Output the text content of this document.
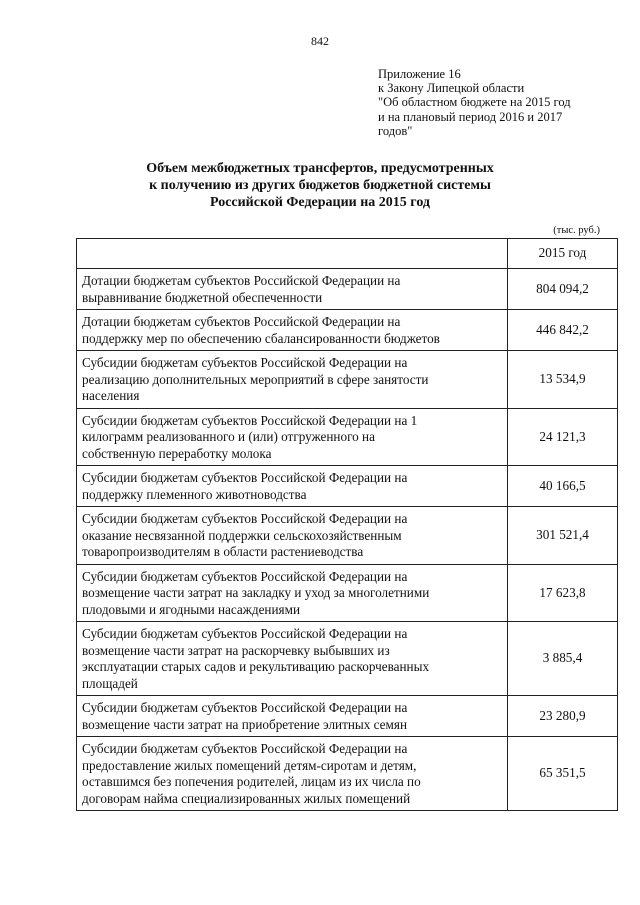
842
Приложение 16
к Закону Липецкой области
"Об областном бюджете на 2015 год
и на плановый период 2016 и 2017
годов"
Объем межбюджетных трансфертов, предусмотренных
к получению из других бюджетов бюджетной системы
Российской Федерации на 2015 год
(тыс. руб.)
	2015 год

Дотации бюджетам субъектов Российской Федерации на
выравнивание бюджетной обеспеченности	804 094,2

Дотации бюджетам субъектов Российской Федерации на
поддержку мер по обеспечению сбалансированности бюджетов	446 842,2

Субсидии бюджетам субъектов Российской Федерации на
реализацию дополнительных мероприятий в сфере занятости
населения	13 534,9

Субсидии бюджетам субъектов Российской Федерации на 1
килограмм реализованного и (или) отгруженного на
собственную переработку молока	24 121,3

Субсидии бюджетам субъектов Российской Федерации на
поддержку племенного животноводства	40 166,5

Субсидии бюджетам субъектов Российской Федерации на
оказание несвязанной поддержки сельскохозяйственным
товаропроизводителям в области растениеводства	301 521,4

Субсидии бюджетам субъектов Российской Федерации на
возмещение части затрат на закладку и уход за многолетними
плодовыми и ягодными насаждениями	17 623,8

Субсидии бюджетам субъектов Российской Федерации на
возмещение части затрат на раскорчевку выбывших из
эксплуатации старых садов и рекультивацию раскорчеванных
площадей	3 885,4

Субсидии бюджетам субъектов Российской Федерации на
возмещение части затрат на приобретение элитных семян	23 280,9

Субсидии бюджетам субъектов Российской Федерации на
предоставление жилых помещений детям-сиротам и детям,
оставшимся без попечения родителей, лицам из их числа по
договорам найма специализированных жилых помещений	65 351,5
